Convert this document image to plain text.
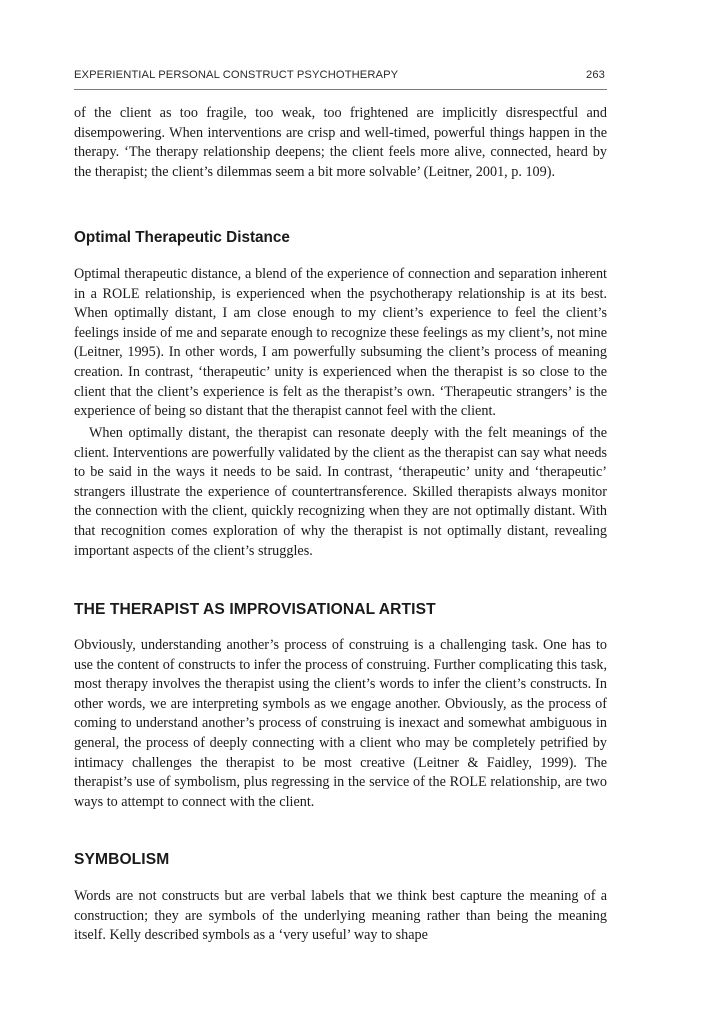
EXPERIENTIAL PERSONAL CONSTRUCT PSYCHOTHERAPY	263

of the client as too fragile, too weak, too frightened are implicitly disrespectful and disempowering. When interventions are crisp and well-timed, powerful things happen in the therapy. ‘The therapy relationship deepens; the client feels more alive, connected, heard by the therapist; the client’s dilemmas seem a bit more solvable’ (Leitner, 2001, p. 109).

Optimal Therapeutic Distance

Optimal therapeutic distance, a blend of the experience of connection and separation inherent in a ROLE relationship, is experienced when the psychotherapy relationship is at its best. When optimally distant, I am close enough to my client’s experience to feel the client’s feelings inside of me and separate enough to recognize these feelings as my client’s, not mine (Leitner, 1995). In other words, I am powerfully subsuming the client’s process of meaning creation. In contrast, ‘therapeutic’ unity is experienced when the therapist is so close to the client that the client’s experience is felt as the therapist’s own. ‘Therapeutic strangers’ is the experience of being so distant that the therapist cannot feel with the client.

When optimally distant, the therapist can resonate deeply with the felt meanings of the client. Interventions are powerfully validated by the client as the therapist can say what needs to be said in the ways it needs to be said. In contrast, ‘therapeutic’ unity and ‘therapeutic’ strangers illustrate the experience of countertransference. Skilled therapists always monitor the connection with the client, quickly recognizing when they are not optimally distant. With that recognition comes exploration of why the therapist is not optimally distant, revealing important aspects of the client’s struggles.

THE THERAPIST AS IMPROVISATIONAL ARTIST

Obviously, understanding another’s process of construing is a challenging task. One has to use the content of constructs to infer the process of construing. Further complicating this task, most therapy involves the therapist using the client’s words to infer the client’s constructs. In other words, we are interpreting symbols as we engage another. Obviously, as the process of coming to understand another’s process of construing is inexact and somewhat ambiguous in general, the process of deeply connecting with a client who may be completely petrified by intimacy challenges the therapist to be most creative (Leitner & Faidley, 1999). The therapist’s use of symbolism, plus regressing in the service of the ROLE relationship, are two ways to attempt to connect with the client.

SYMBOLISM

Words are not constructs but are verbal labels that we think best capture the meaning of a construction; they are symbols of the underlying meaning rather than being the meaning itself. Kelly described symbols as a ‘very useful’ way to shape
